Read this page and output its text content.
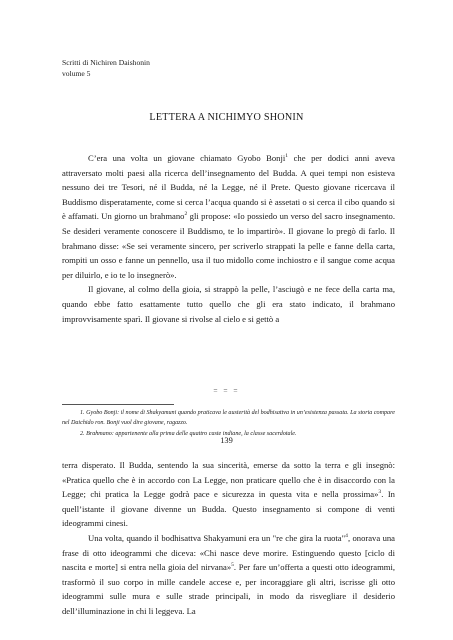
Scritti di Nichiren Daishonin
volume 5
LETTERA A NICHIMYO SHONIN

C’era una volta un giovane chiamato Gyobo Bonji$^1$ che per dodici anni aveva attraversato molti paesi alla ricerca dell’insegnamento del Budda. A quei tempi non esisteva nessuno dei tre Tesori, né il Budda, né la Legge, né il Prete. Questo giovane ricercava il Buddismo disperatamente, come si cerca l’acqua quando si è assetati o si cerca il cibo quando si è affamati. Un giorno un brahmano$^2$ gli propose: «Io possiedo un verso del sacro insegnamento. Se desideri veramente conoscere il Buddismo, te lo impartirò». Il giovane lo pregò di farlo. Il brahmano disse: «Se sei veramente sincero, per scriverlo strappati la pelle e fanne della carta, rompiti un osso e fanne un pennello, usa il tuo midollo come inchiostro e il sangue come acqua per diluirlo, e io te lo insegnerò».

Il giovane, al colmo della gioia, si strappò la pelle, l’asciugò e ne fece della carta ma, quando ebbe fatto esattamente tutto quello che gli era stato indicato, il brahmano improvvisamente sparì. Il giovane si rivolse al cielo e si gettò a

= = =
1. Gyobo Bonji: il nome di Shakyamuni quando praticava le austerità del bodhisattva in un’esistenza passata. La storia compare nel Daichido ron. Bonji vuol dire giovane, ragazzo.
2. Brahmano: appartenente alla prima delle quattro caste indiane, la classe sacerdotale.
139

terra disperato. Il Budda, sentendo la sua sincerità, emerse da sotto la terra e gli insegnò: «Pratica quello che è in accordo con La Legge, non praticare quello che è in disaccordo con la Legge; chi pratica la Legge godrà pace e sicurezza in questa vita e nella prossima»$^3$. In quell’istante il giovane divenne un Budda. Questo insegnamento si compone di venti ideogrammi cinesi.

Una volta, quando il bodhisattva Shakyamuni era un "re che gira la ruota"$^4$, onorava una frase di otto ideogrammi che diceva: «Chi nasce deve morire. Estinguendo questo [ciclo di nascita e morte] si entra nella gioia del nirvana»$^5$. Per fare un’offerta a questi otto ideogrammi, trasformò il suo corpo in mille candele accese e, per incoraggiare gli altri, iscrisse gli otto ideogrammi sulle mura e sulle strade principali, in modo da risvegliare il desiderio dell’illuminazione in chi li leggeva. La
